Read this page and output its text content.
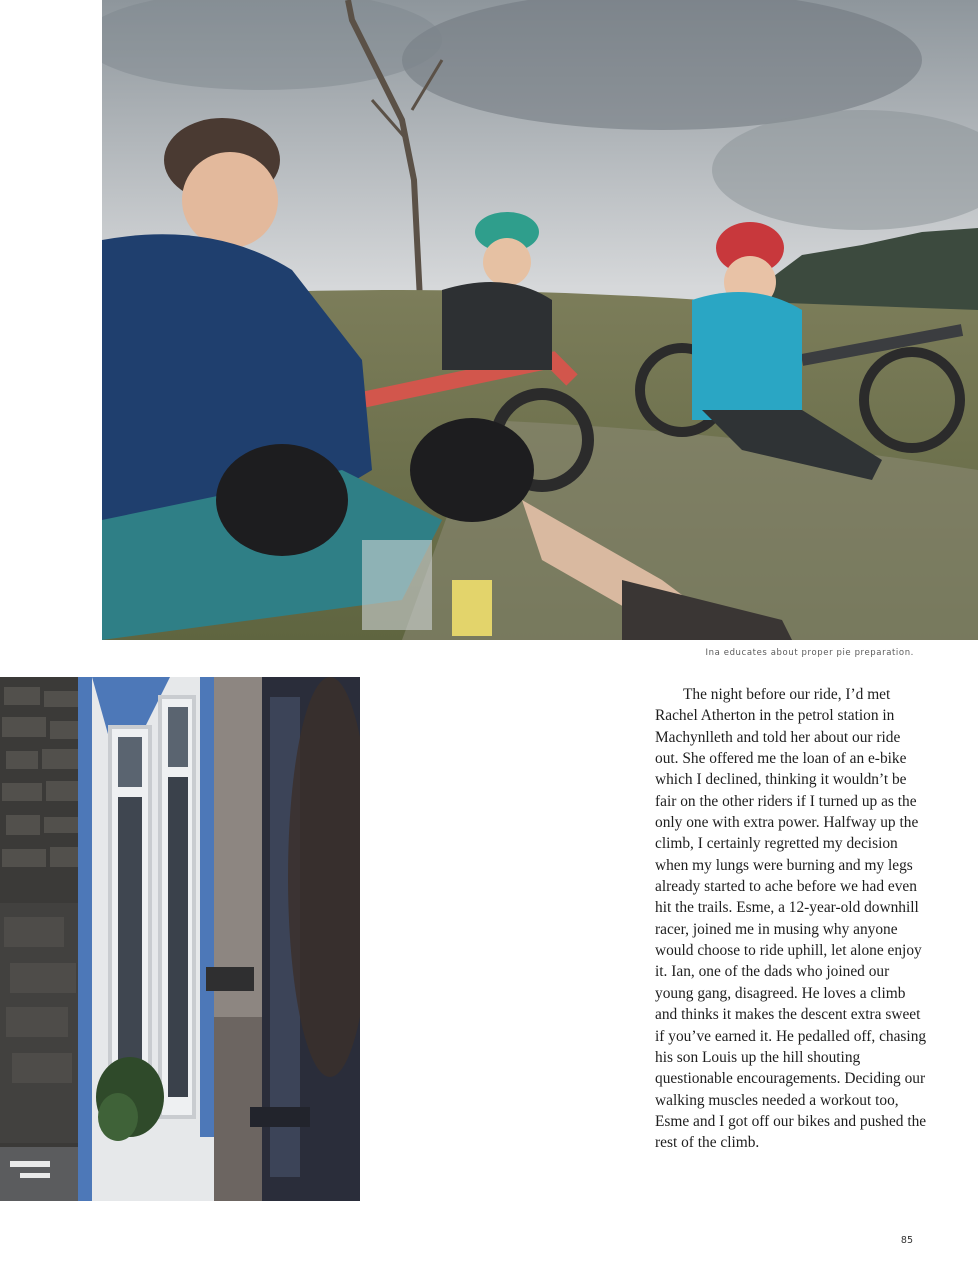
Ina educates about proper pie preparation.

The night before our ride, I’d met Rachel Atherton in the petrol station in Machynlleth and told her about our ride out. She offered me the loan of an e-bike which I declined, thinking it wouldn’t be fair on the other riders if I turned up as the only one with extra power. Halfway up the climb, I certainly regretted my decision when my lungs were burning and my legs already started to ache before we had even hit the trails. Esme, a 12-year-old downhill racer, joined me in musing why anyone would choose to ride uphill, let alone enjoy it. Ian, one of the dads who joined our young gang, disagreed. He loves a climb and thinks it makes the descent extra sweet if you’ve earned it. He pedalled off, chasing his son Louis up the hill shouting questionable encouragements. Deciding our walking muscles needed a workout too, Esme and I got off our bikes and pushed the rest of the climb.

85
